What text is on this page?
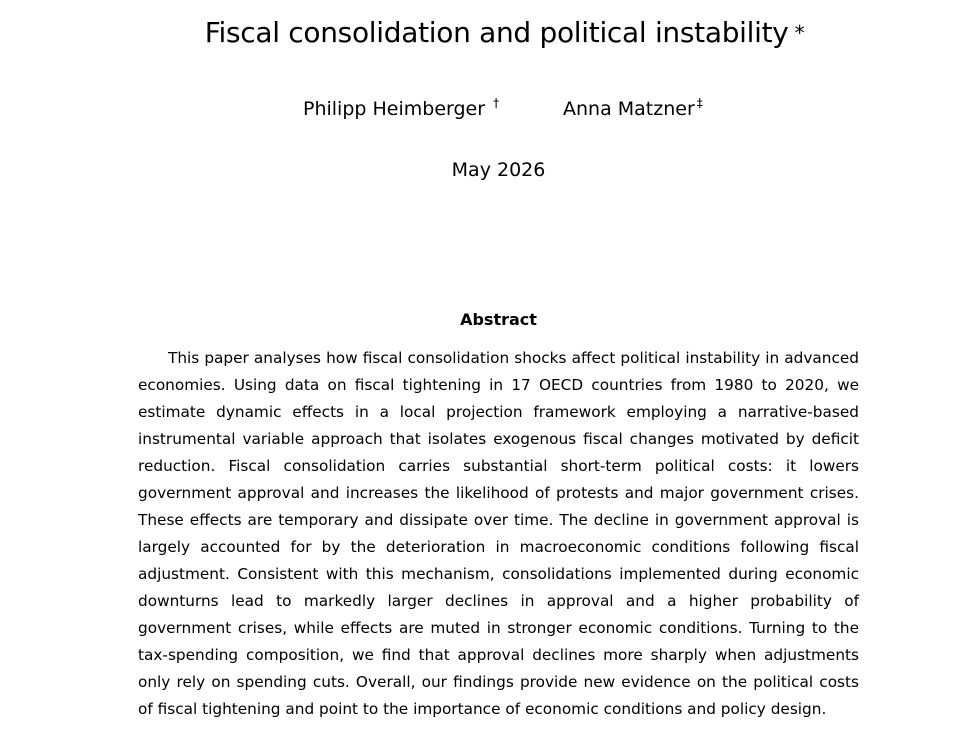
Fiscal consolidation and political instability *
Philipp Heimberger †	Anna Matzner ‡
May 2026
Abstract

This paper analyses how fiscal consolidation shocks affect political instability in advanced economies. Using data on fiscal tightening in 17 OECD countries from 1980 to 2020, we estimate dynamic effects in a local projection framework employing a narrative-based instrumental variable approach that isolates exogenous fiscal changes motivated by deficit reduction. Fiscal consolidation carries substantial short-term political costs: it lowers government approval and increases the likelihood of protests and major government crises. These effects are temporary and dissipate over time. The decline in government approval is largely accounted for by the deterioration in macroeconomic conditions following fiscal adjustment. Consistent with this mechanism, consolidations implemented during economic downturns lead to markedly larger declines in approval and a higher probability of government crises, while effects are muted in stronger economic conditions. Turning to the tax-spending composition, we find that approval declines more sharply when adjustments only rely on spending cuts. Overall, our findings provide new evidence on the political costs of fiscal tightening and point to the importance of economic conditions and policy design.
